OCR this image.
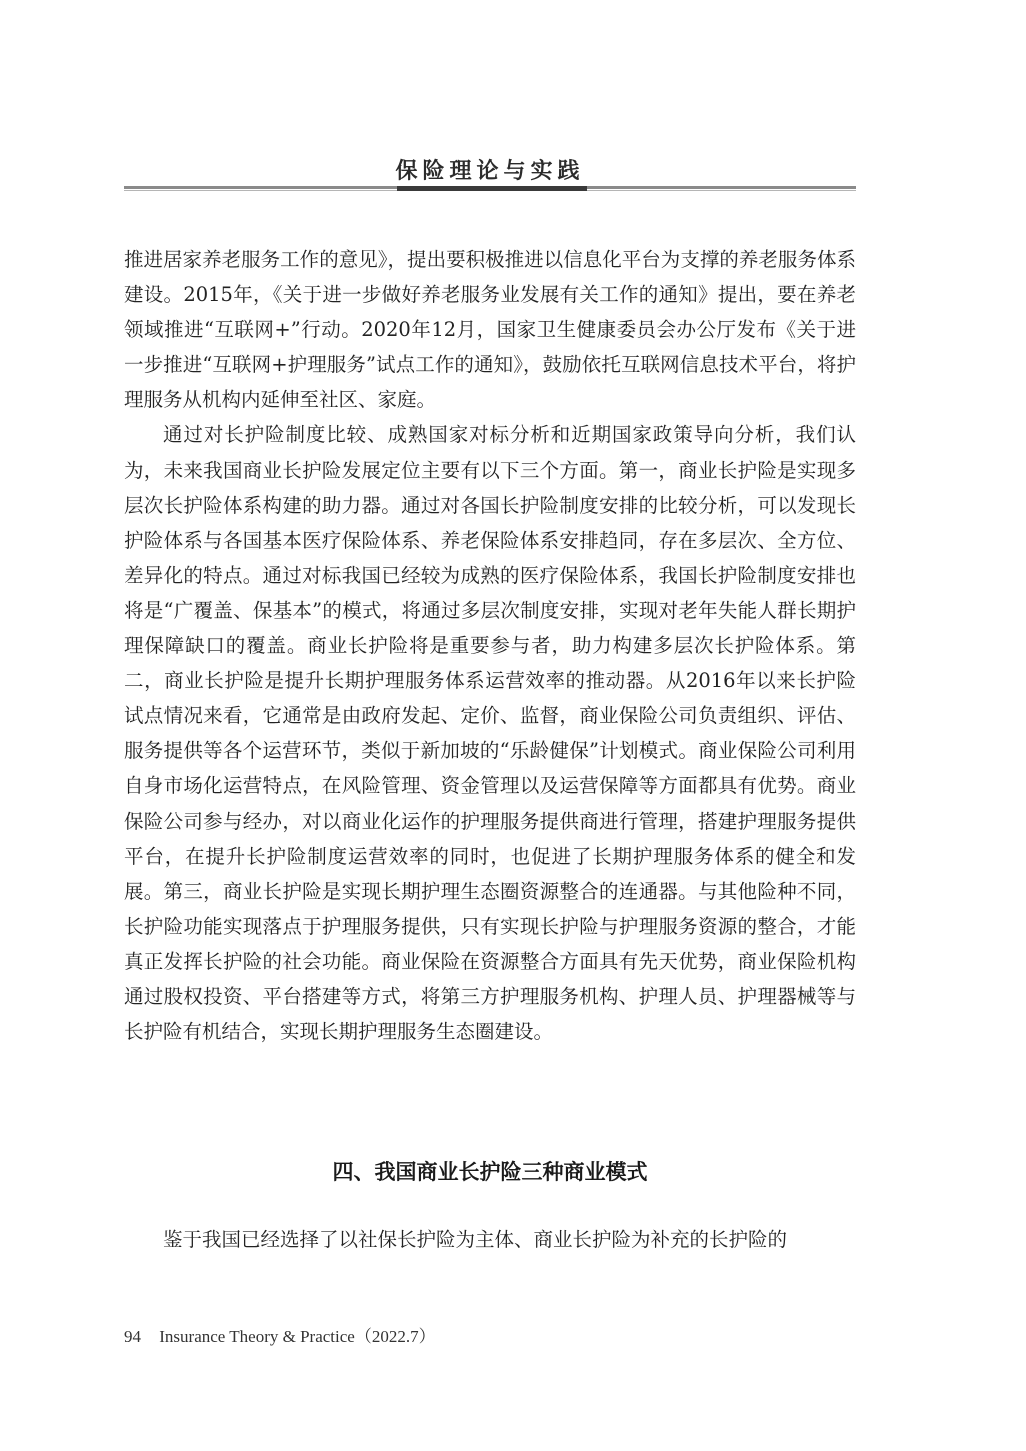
保险理论与实践

推进居家养老服务工作的意见》，提出要积极推进以信息化平台为支撑的养老服务体系建设。2015年，《关于进一步做好养老服务业发展有关工作的通知》提出，要在养老领域推进“互联网+”行动。2020年12月，国家卫生健康委员会办公厅发布《关于进一步推进“互联网+护理服务”试点工作的通知》，鼓励依托互联网信息技术平台，将护理服务从机构内延伸至社区、家庭。

通过对长护险制度比较、成熟国家对标分析和近期国家政策导向分析，我们认为，未来我国商业长护险发展定位主要有以下三个方面。第一，商业长护险是实现多层次长护险体系构建的助力器。通过对各国长护险制度安排的比较分析，可以发现长护险体系与各国基本医疗保险体系、养老保险体系安排趋同，存在多层次、全方位、差异化的特点。通过对标我国已经较为成熟的医疗保险体系，我国长护险制度安排也将是“广覆盖、保基本”的模式，将通过多层次制度安排，实现对老年失能人群长期护理保障缺口的覆盖。商业长护险将是重要参与者，助力构建多层次长护险体系。第二，商业长护险是提升长期护理服务体系运营效率的推动器。从2016年以来长护险试点情况来看，它通常是由政府发起、定价、监督，商业保险公司负责组织、评估、服务提供等各个运营环节，类似于新加坡的“乐龄健保”计划模式。商业保险公司利用自身市场化运营特点，在风险管理、资金管理以及运营保障等方面都具有优势。商业保险公司参与经办，对以商业化运作的护理服务提供商进行管理，搭建护理服务提供平台，在提升长护险制度运营效率的同时，也促进了长期护理服务体系的健全和发展。第三，商业长护险是实现长期护理生态圈资源整合的连通器。与其他险种不同，长护险功能实现落点于护理服务提供，只有实现长护险与护理服务资源的整合，才能真正发挥长护险的社会功能。商业保险在资源整合方面具有先天优势，商业保险机构通过股权投资、平台搭建等方式，将第三方护理服务机构、护理人员、护理器械等与长护险有机结合，实现长期护理服务生态圈建设。

四、我国商业长护险三种商业模式

鉴于我国已经选择了以社保长护险为主体、商业长护险为补充的长护险的

94 Insurance Theory & Practice（2022.7）
